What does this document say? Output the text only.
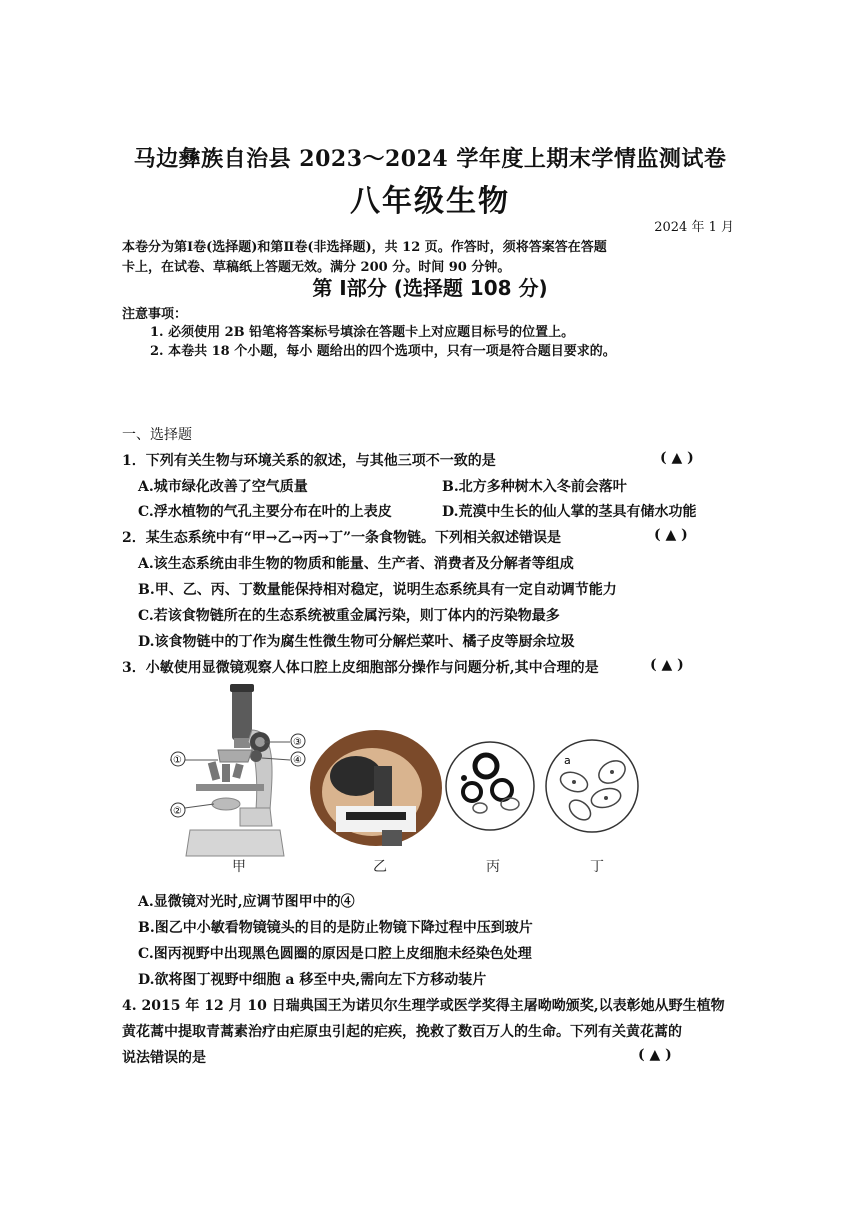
马边彝族自治县 2023～2024 学年度上期末学情监测试卷
八年级生物
2024 年 1 月
本卷分为第Ⅰ卷(选择题)和第Ⅱ卷(非选择题)，共 12 页。作答时，须将答案答在答题
卡上，在试卷、草稿纸上答题无效。满分 200 分。时间 90 分钟。
第 Ⅰ部分 (选择题 108 分)
注意事项：
1. 必须使用 2B 铅笔将答案标号填涂在答题卡上对应题目标号的位置上。
2. 本卷共 18 个小题，每小 题给出的四个选项中，只有一项是符合题目要求的。
一、选择题
1．下列有关生物与环境关系的叙述，与其他三项不一致的是	( ▲ )
A.城市绿化改善了空气质量	B.北方多种树木入冬前会落叶
C.浮水植物的气孔主要分布在叶的上表皮	D.荒漠中生长的仙人掌的茎具有储水功能
2．某生态系统中有“甲→乙→丙→丁”一条食物链。下列相关叙述错误是	( ▲ )
A.该生态系统由非生物的物质和能量、生产者、消费者及分解者等组成
B.甲、乙、丙、丁数量能保持相对稳定，说明生态系统具有一定自动调节能力
C.若该食物链所在的生态系统被重金属污染，则丁体内的污染物最多
D.该食物链中的丁作为腐生性微生物可分解烂菜叶、橘子皮等厨余垃圾
3．小敏使用显微镜观察人体口腔上皮细胞部分操作与问题分析,其中合理的是	( ▲ )
①
②
③
④	a
甲	乙	丙	丁
A.显微镜对光时,应调节图甲中的④
B.图乙中小敏看物镜镜头的目的是防止物镜下降过程中压到玻片
C.图丙视野中出现黑色圆圈的原因是口腔上皮细胞未经染色处理
D.欲将图丁视野中细胞 a 移至中央,需向左下方移动装片
4. 2015 年 12 月 10 日瑞典国王为诺贝尔生理学或医学奖得主屠呦呦颁奖,以表彰她从野生植物
黄花蒿中提取青蒿素治疗由疟原虫引起的疟疾，挽救了数百万人的生命。下列有关黄花蒿的
说法错误的是	( ▲ )
